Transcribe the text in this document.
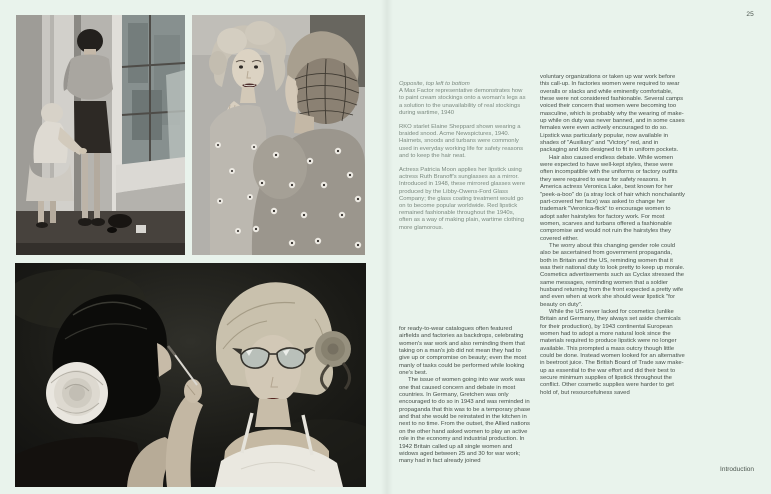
25

Opposite, top left to bottom
A Max Factor representative demonstrates how to paint cream stockings onto a woman's legs as a solution to the unavailability of real stockings during wartime, 1940

RKO starlet Elaine Sheppard shown wearing a braided snood. Acme Newspictures, 1940. Hairnets, snoods and turbans were commonly used in everyday working life for safety reasons and to keep the hair neat.

Actress Patricia Moon applies her lipstick using actress Ruth Branoff's sunglasses as a mirror. Introduced in 1948, these mirrored glasses were produced by the Libby-Owens-Ford Glass Company; the glass coating treatment would go on to become popular worldwide. Red lipstick remained fashionable throughout the 1940s, often as a way of making plain, wartime clothing more glamorous.

for ready-to-wear catalogues often featured airfields and factories as backdrops, celebrating women's war work and also reminding them that taking on a man's job did not mean they had to give up or compromise on beauty; even the most manly of tasks could be performed while looking one's best.

The issue of women going into war work was one that caused concern and debate in most countries. In Germany, Gretchen was only encouraged to do so in 1943 and was reminded in propaganda that this was to be a temporary phase and that she would be reinstated in the kitchen in next to no time. From the outset, the Allied nations on the other hand asked women to play an active role in the economy and industrial production. In 1942 Britain called up all single women and widows aged between 25 and 30 for war work; many had in fact already joined

voluntary organizations or taken up war work before this call-up. In factories women were required to wear overalls or slacks and while eminently comfortable, these were not considered fashionable. Several camps voiced their concern that women were becoming too masculine, which is probably why the wearing of make-up while on duty was never banned, and in some cases females were even actively encouraged to do so. Lipstick was particularly popular, now available in shades of "Auxiliary" and "Victory" red, and in packaging and kits designed to fit in uniform pockets.

Hair also caused endless debate. While women were expected to have well-kept styles, these were often incompatible with the uniforms or factory outfits they were required to wear for safety reasons. In America actress Veronica Lake, best known for her "peek-a-boo" do (a stray lock of hair which nonchalantly part-covered her face) was asked to change her trademark "Veronica-flick" to encourage women to adopt safer hairstyles for factory work. For most women, scarves and turbans offered a fashionable compromise and would not ruin the hairstyles they covered either.

The worry about this changing gender role could also be ascertained from government propaganda, both in Britain and the US, reminding women that it was their national duty to look pretty to keep up morale. Cosmetics advertisements such as Cyclax stressed the same messages, reminding women that a soldier husband returning from the front expected a pretty wife and even when at work she should wear lipstick "for beauty on duty".

While the US never lacked for cosmetics (unlike Britain and Germany, they always set aside chemicals for their production), by 1943 continental European women had to adopt a more natural look since the materials required to produce lipstick were no longer available. This prompted a mass outcry though little could be done. Instead women looked for an alternative in beetroot juice. The British Board of Trade saw make-up as essential to the war effort and did their best to secure minimum supplies of lipstick throughout the conflict. Other cosmetic supplies were harder to get hold of, but resourcefulness saved

Introduction
